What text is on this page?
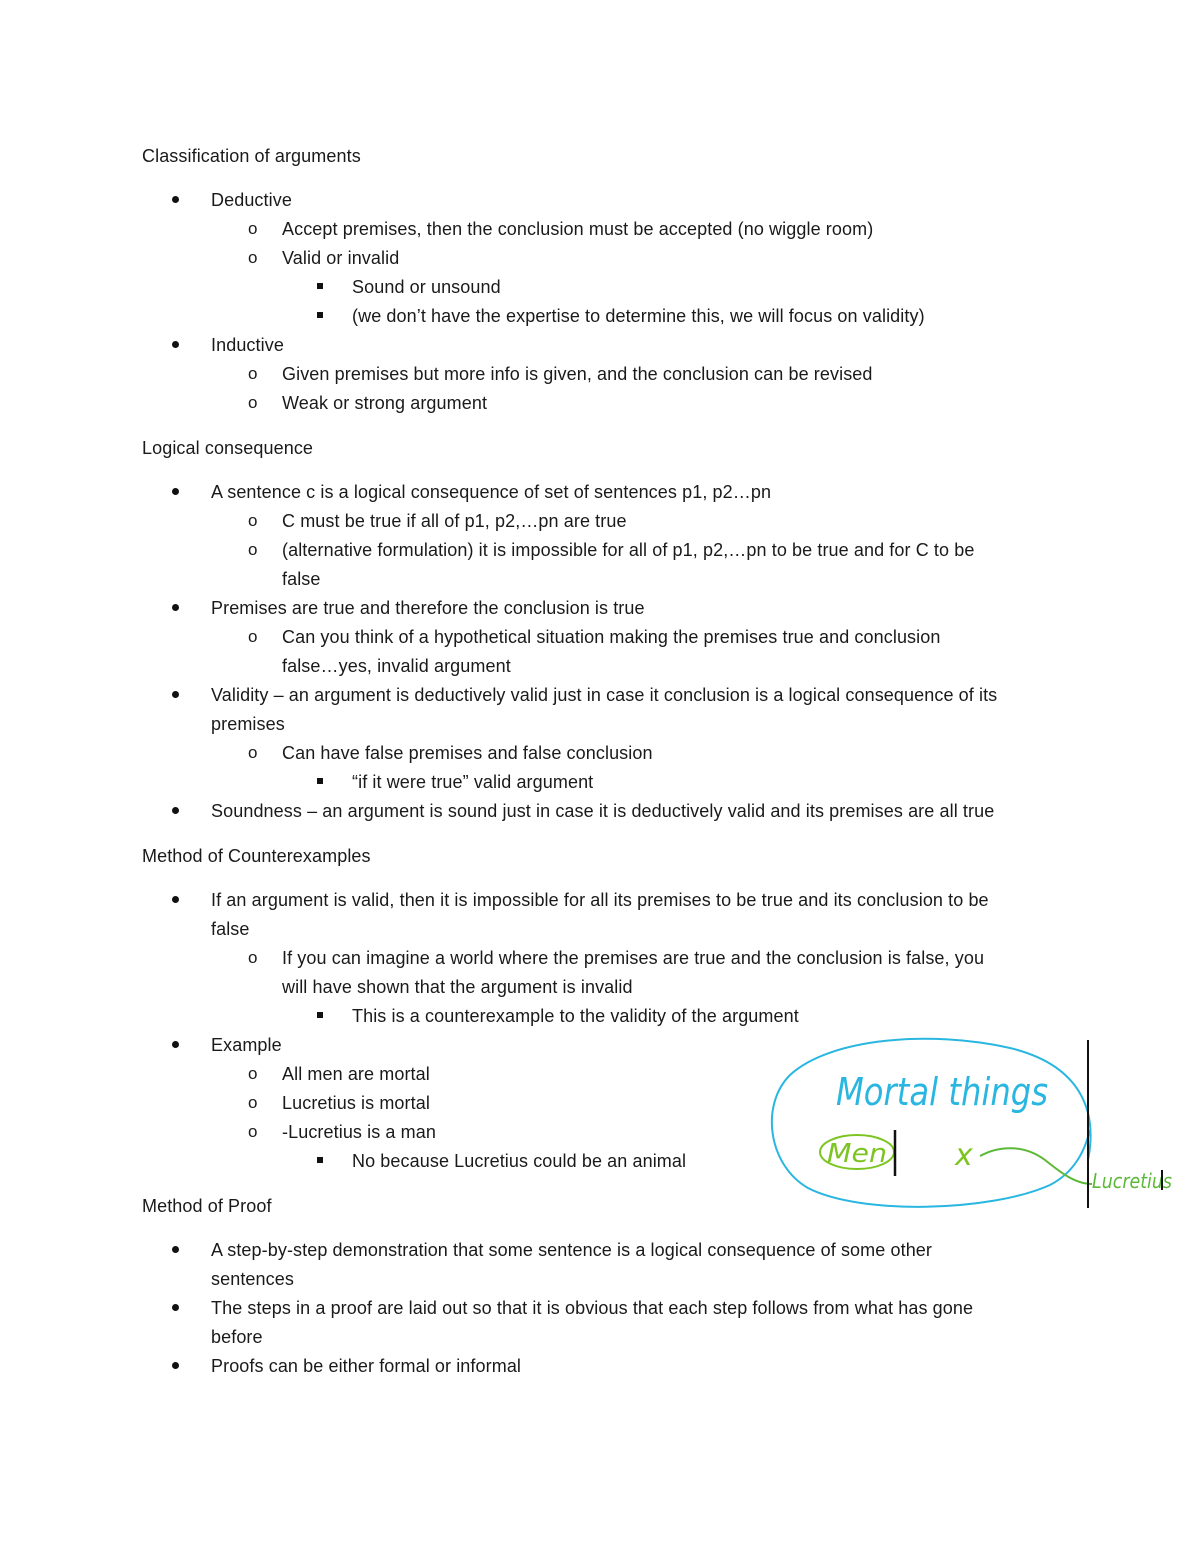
Classification of arguments
Deductive
o Accept premises, then the conclusion must be accepted (no wiggle room)
o Valid or invalid
Sound or unsound
(we don’t have the expertise to determine this, we will focus on validity)
Inductive
o Given premises but more info is given, and the conclusion can be revised
o Weak or strong argument
Logical consequence
A sentence c is a logical consequence of set of sentences p1, p2…pn
o C must be true if all of p1, p2,…pn are true
o (alternative formulation) it is impossible for all of p1, p2,…pn to be true and for C to be
false
Premises are true and therefore the conclusion is true
o Can you think of a hypothetical situation making the premises true and conclusion
false…yes, invalid argument
Validity – an argument is deductively valid just in case it conclusion is a logical consequence of its
premises
o Can have false premises and false conclusion
“if it were true” valid argument
Soundness – an argument is sound just in case it is deductively valid and its premises are all true
Method of Counterexamples
If an argument is valid, then it is impossible for all its premises to be true and its conclusion to be
false
o If you can imagine a world where the premises are true and the conclusion is false, you
will have shown that the argument is invalid
This is a counterexample to the validity of the argument
Example
o All men are mortal
o Lucretius is mortal
o -Lucretius is a man
No because Lucretius could be an animal
Method of Proof
A step-by-step demonstration that some sentence is a logical consequence of some other
sentences
The steps in a proof are laid out so that it is obvious that each step follows from what has gone
before
Proofs can be either formal or informal
Mortal things
Men x
Lucretius
